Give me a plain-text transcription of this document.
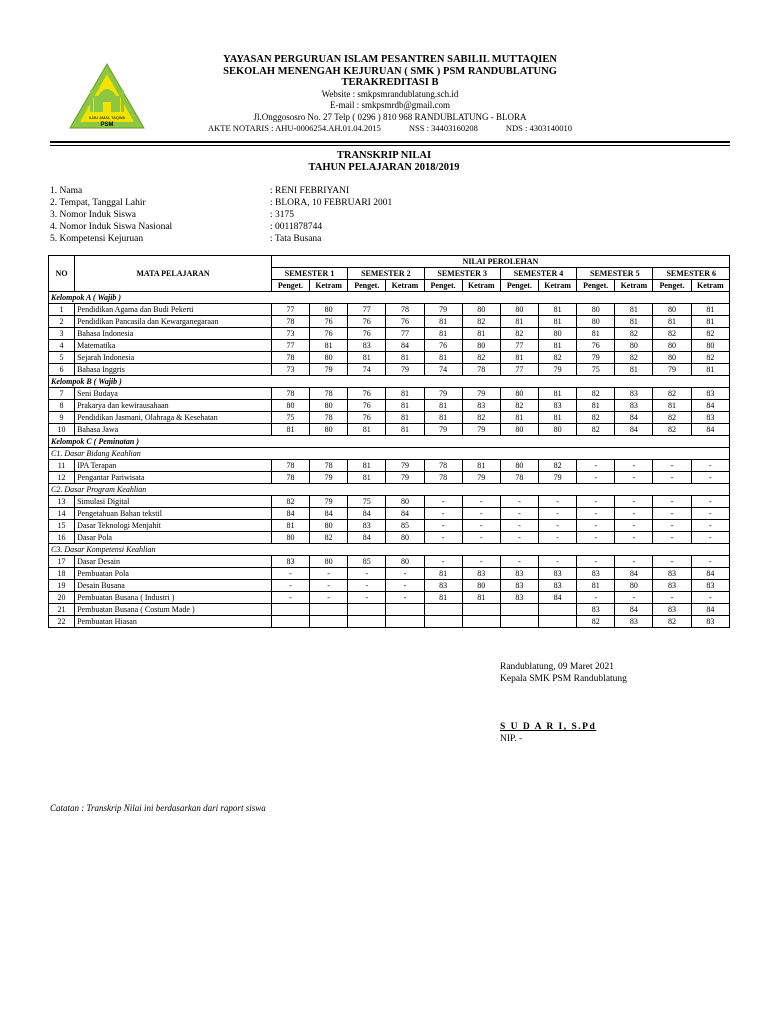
PSM
ILMU AMAL TAQWA
YAYASAN PERGURUAN ISLAM PESANTREN SABILIL MUTTAQIEN
SEKOLAH MENENGAH KEJURUAN ( SMK ) PSM RANDUBLATUNG
TERAKREDITASI B
Website : smkpsmrandublatung.sch.id
E-mail : smkpsmrdb@gmail.com
Jl.Onggososro No. 27 Telp ( 0296 ) 810 968 RANDUBLATUNG - BLORA
AKTE NOTARIS : AHU-0006254.AH.01.04.2015	NSS : 34403160208	NDS : 4303140010
TRANSKRIP NILAI
TAHUN PELAJARAN 2018/2019
1. Nama	: RENI FEBRIYANI
2. Tempat, Tanggal Lahir	: BLORA, 10 FEBRUARI 2001
3. Nomor Induk Siswa	: 3175
4. Nomor Induk Siswa Nasional	: 0011878744
5. Kompetensi Kejuruan	: Tata Busana
NO	MATA PELAJARAN	NILAI PEROLEHAN											
		SEMESTER 1		SEMESTER 2		SEMESTER 3		SEMESTER 4		SEMESTER 5		SEMESTER 6	
		Penget.	Ketram	Penget.	Ketram	Penget.	Ketram	Penget.	Ketram	Penget.	Ketram	Penget.	Ketram
Kelompok A ( Wajib )													
1	Pendidikan Agama dan Budi Pekerti	77	80	77	78	79	80	80	81	80	81	80	81
2	Pendidikan Pancasila dan Kewarganegaraan	78	76	76	76	81	82	81	81	80	81	81	81
3	Bahasa Indonesia	73	76	76	77	81	81	82	80	81	82	82	82
4	Matematika	77	81	83	84	76	80	77	81	76	80	80	80
5	Sejarah Indonesia	78	80	81	81	81	82	81	82	79	82	80	82
6	Bahasa Inggris	73	79	74	79	74	78	77	79	75	81	79	81
Kelompok B ( Wajib )													
7	Seni Budaya	78	78	76	81	79	79	80	81	82	83	82	83
8	Prakarya dan kewirausahaan	80	80	76	81	81	83	82	83	81	83	81	84
9	Pendidikan Jasmani, Olahraga & Kesehatan	75	78	76	81	81	82	81	81	82	84	82	83
10	Bahasa Jawa	81	80	81	81	79	79	80	80	82	84	82	84
Kelompok C ( Peminatan )													
C1. Dasar Bidang Keahlian													
11	IPA Terapan	78	78	81	79	78	81	80	82	-	-	-	-
12	Pengantar Pariwisata	78	79	81	79	78	79	78	79	-	-	-	-
C2. Dasar Program Keahlian													
13	Simulasi Digital	82	79	75	80	-	-	-	-	-	-	-	-
14	Pengetahuan Bahan tekstil	84	84	84	84	-	-	-	-	-	-	-	-
15	Dasar Teknologi Menjahit	81	80	83	85	-	-	-	-	-	-	-	-
16	Dasar Pola	80	82	84	80	-	-	-	-	-	-	-	-
C3. Dasar Kompetensi Keahlian													
17	Dasar Desain	83	80	85	80	-	-	-	-	-	-	-	-
18	Pembuatan Pola	-	-	-	-	81	83	83	83	83	84	83	84
19	Desain Busana	-	-	-	-	83	80	83	83	81	80	83	83
20	Pembuatan Busana ( Industri )	-	-	-	-	81	81	83	84	-	-	-	-
21	Pembuatan Busana ( Costum Made )									83	84	83	84
22	Pembuatan Hiasan									82	83	82	83
Randublatung, 09 Maret 2021
Kepala SMK PSM Randublatung
S U D A R I, S.Pd
NIP. -
Catatan : Transkrip Nilai ini berdasarkan dari raport siswa
